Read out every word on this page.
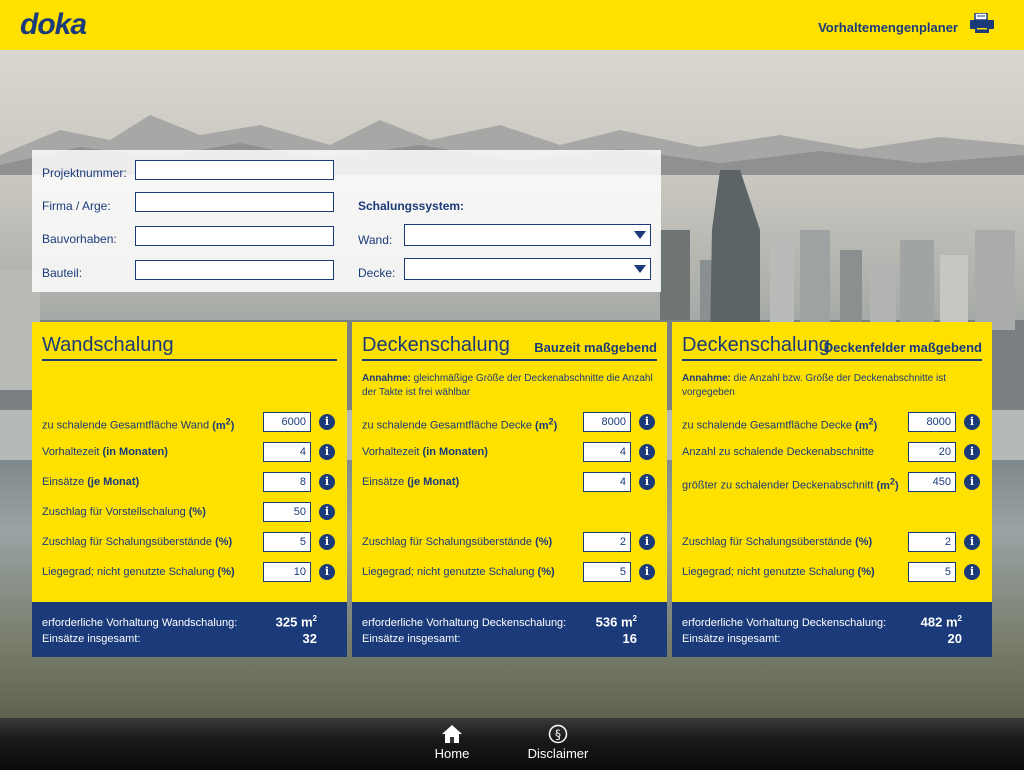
doka	Vorhaltemengenplaner
Projektnummer:
Firma / Arge:
Bauvorhaben:
Bauteil:
Schalungssystem:
Wand:
Decke:
Wandschalung
zu schalende Gesamtfläche Wand $(m^2)$	6000	i
Vorhaltezeit (in Monaten)	4	i
Einsätze (je Monat)	8	i
Zuschlag für Vorstellschalung (%)	50	i
Zuschlag für Schalungsüberstände (%)	5	i
Liegegrad; nicht genutzte Schalung (%)	10	i
erforderliche Vorhaltung Wandschalung:	325 $m^2$
Einsätze insgesamt:	32
Deckenschalung Bauzeit maßgebend
Annahme: gleichmäßige Größe der Deckenabschnitte die Anzahl der Takte ist frei wählbar
zu schalende Gesamtfläche Decke $(m^2)$	8000	i
Vorhaltezeit (in Monaten)	4	i
Einsätze (je Monat)	4	i
Zuschlag für Schalungsüberstände (%)	2	i
Liegegrad; nicht genutzte Schalung (%)	5	i
erforderliche Vorhaltung Deckenschalung: 536 $m^2$
Einsätze insgesamt:	16
Deckenschalung
Deckenfelder maßgebend
Annahme: die Anzahl bzw. Größe der Deckenabschnitte ist vorgegeben
zu schalende Gesamtfläche Decke $(m^2)$	8000	i
Anzahl zu schalende Deckenabschnitte	20	i
größter zu schalender Deckenabschnitt $(m^2)$	450	i
Zuschlag für Schalungsüberstände (%)	2	i
Liegegrad; nicht genutzte Schalung (%)	5	i
erforderliche Vorhaltung Deckenschalung:	482 $m^2$
Einsätze insgesamt:	20
Home
§
Disclaimer
